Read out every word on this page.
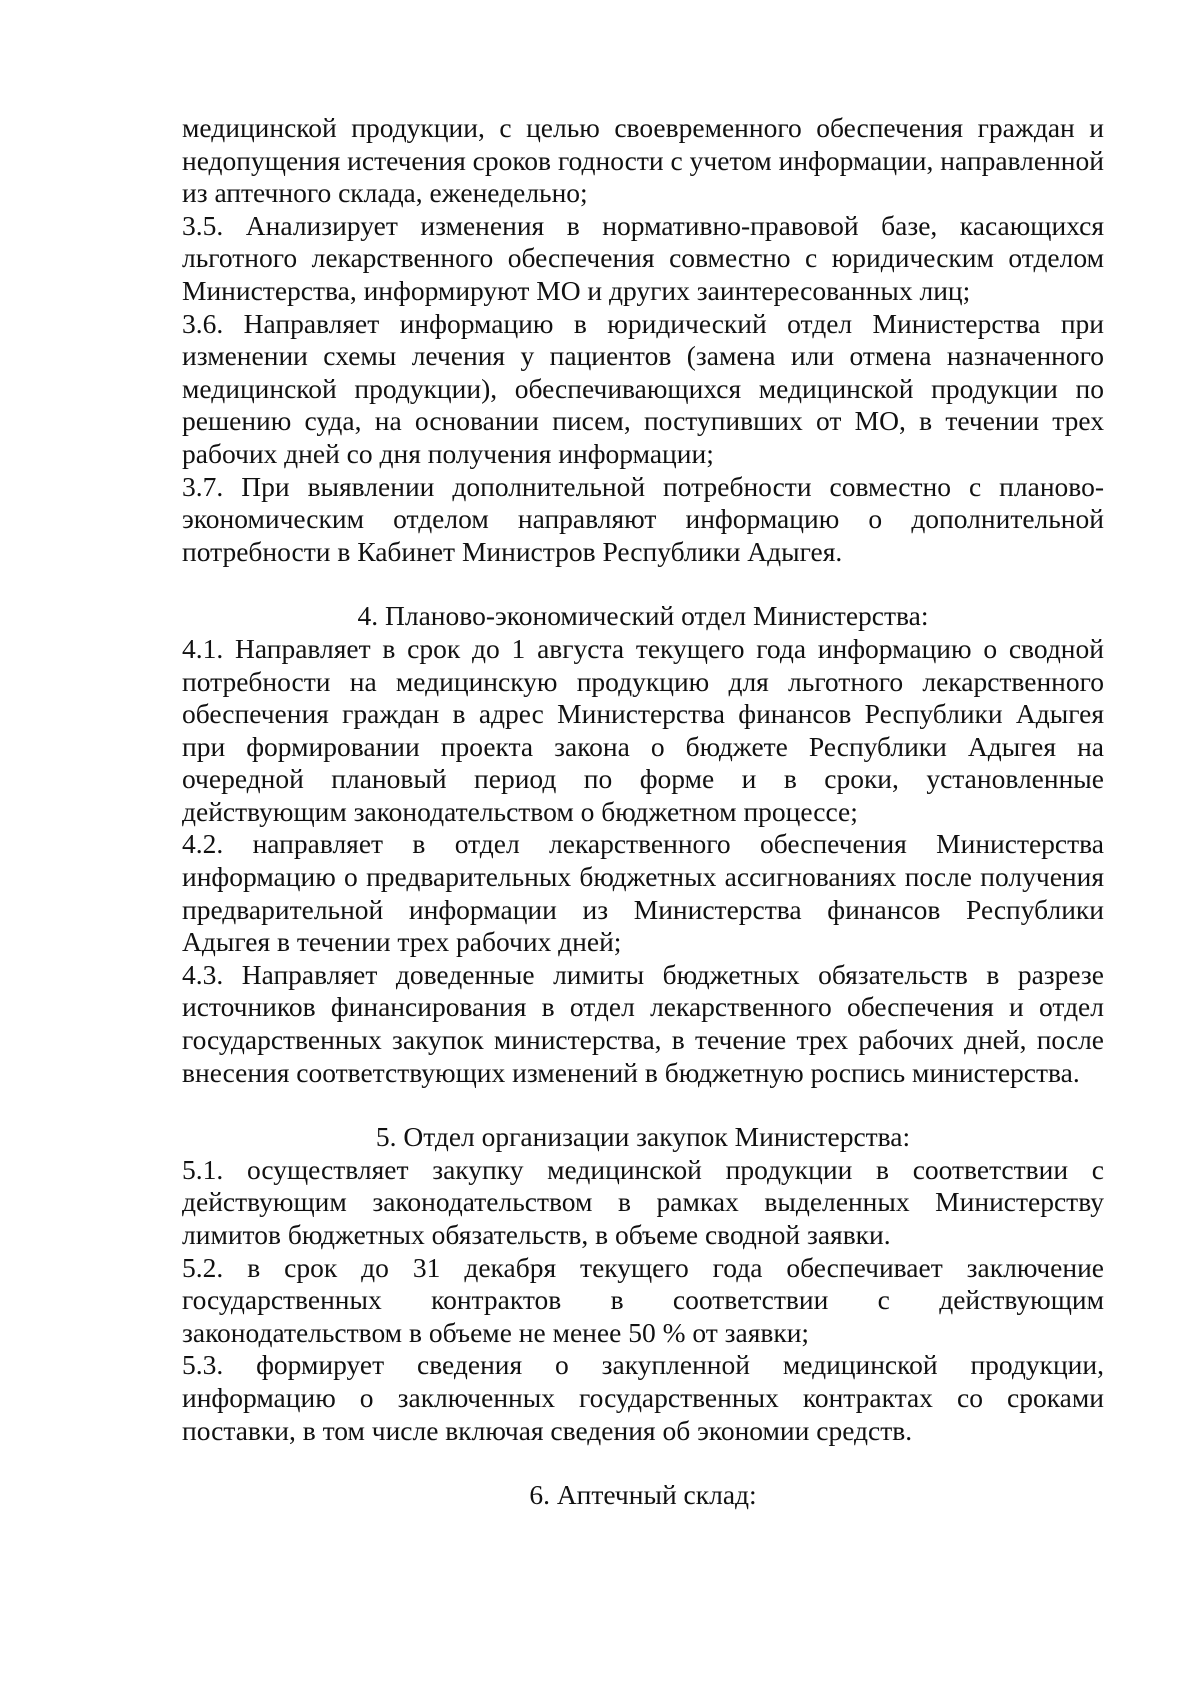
медицинской продукции, с целью своевременного обеспечения граждан и недопущения истечения сроков годности с учетом информации, направленной из аптечного склада, еженедельно;

3.5. Анализирует изменения в нормативно-правовой базе, касающихся льготного лекарственного обеспечения совместно с юридическим отделом Министерства, информируют МО и других заинтересованных лиц;

3.6. Направляет информацию в юридический отдел Министерства при изменении схемы лечения у пациентов (замена или отмена назначенного медицинской продукции), обеспечивающихся медицинской продукции по решению суда, на основании писем, поступивших от МО, в течении трех рабочих дней со дня получения информации;

3.7. При выявлении дополнительной потребности совместно с планово-экономическим отделом направляют информацию о дополнительной потребности в Кабинет Министров Республики Адыгея.

4. Планово-экономический отдел Министерства:

4.1. Направляет в срок до 1 августа текущего года информацию о сводной потребности на медицинскую продукцию для льготного лекарственного обеспечения граждан в адрес Министерства финансов Республики Адыгея при формировании проекта закона о бюджете Республики Адыгея на очередной плановый период по форме и в сроки, установленные действующим законодательством о бюджетном процессе;

4.2. направляет в отдел лекарственного обеспечения Министерства информацию о предварительных бюджетных ассигнованиях после получения предварительной информации из Министерства финансов Республики Адыгея в течении трех рабочих дней;

4.3. Направляет доведенные лимиты бюджетных обязательств в разрезе источников финансирования в отдел лекарственного обеспечения и отдел государственных закупок министерства, в течение трех рабочих дней, после внесения соответствующих изменений в бюджетную роспись министерства.

5. Отдел организации закупок Министерства:

5.1. осуществляет закупку медицинской продукции в соответствии с действующим законодательством в рамках выделенных Министерству лимитов бюджетных обязательств, в объеме сводной заявки.

5.2. в срок до 31 декабря текущего года обеспечивает заключение государственных контрактов в соответствии с действующим законодательством в объеме не менее 50 % от заявки;

5.3. формирует сведения о закупленной медицинской продукции, информацию о заключенных государственных контрактах со сроками поставки, в том числе включая сведения об экономии средств.

6. Аптечный склад:
